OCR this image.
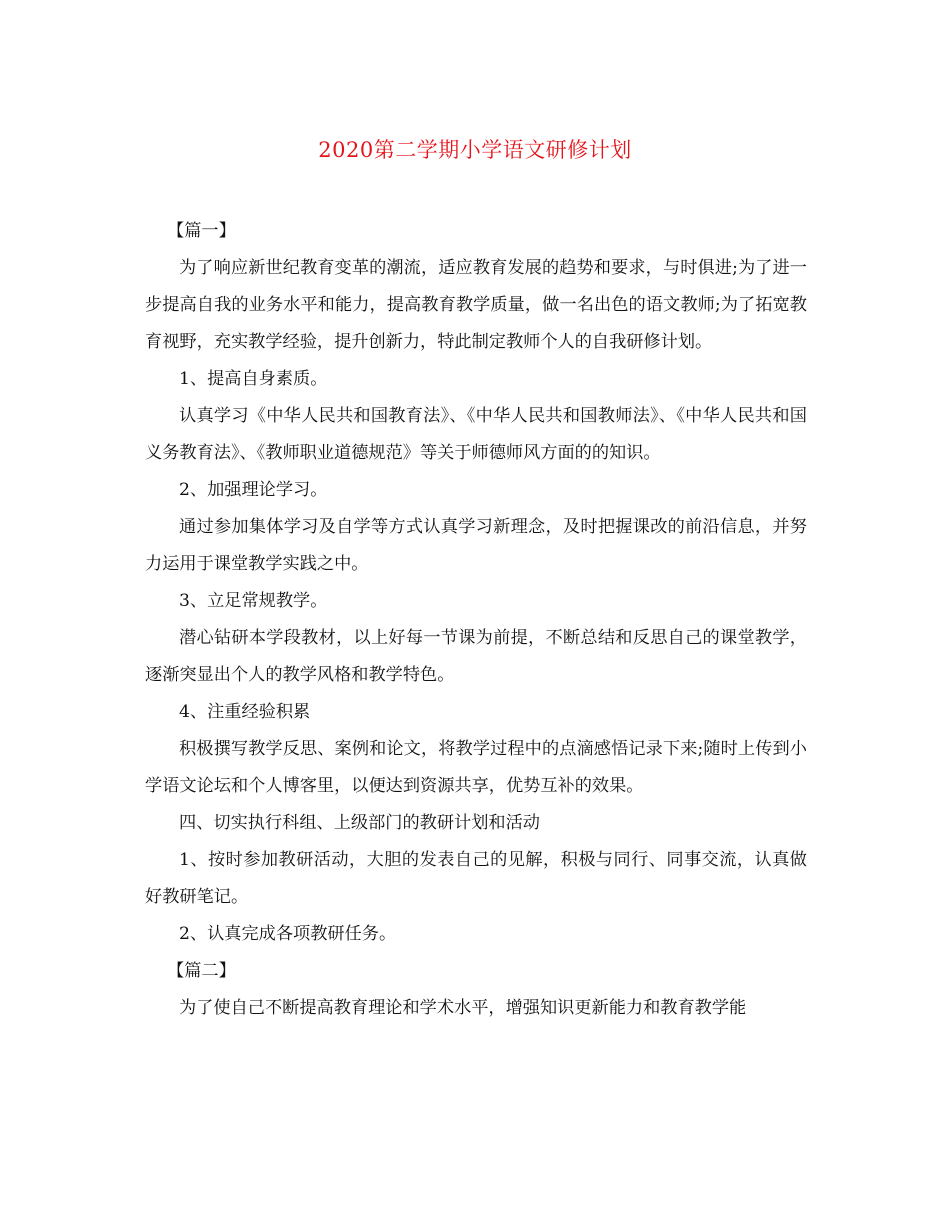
2020第二学期小学语文研修计划

【篇一】

为了响应新世纪教育变革的潮流，适应教育发展的趋势和要求，与时俱进;为了进一步提高自我的业务水平和能力，提高教育教学质量，做一名出色的语文教师;为了拓宽教育视野，充实教学经验，提升创新力，特此制定教师个人的自我研修计划。

1、提高自身素质。

认真学习《中华人民共和国教育法》、《中华人民共和国教师法》、《中华人民共和国义务教育法》、《教师职业道德规范》等关于师德师风方面的的知识。

2、加强理论学习。

通过参加集体学习及自学等方式认真学习新理念，及时把握课改的前沿信息，并努力运用于课堂教学实践之中。

3、立足常规教学。

潜心钻研本学段教材，以上好每一节课为前提，不断总结和反思自己的课堂教学，逐渐突显出个人的教学风格和教学特色。

4、注重经验积累

积极撰写教学反思、案例和论文，将教学过程中的点滴感悟记录下来;随时上传到小学语文论坛和个人博客里，以便达到资源共享，优势互补的效果。

四、切实执行科组、上级部门的教研计划和活动

1、按时参加教研活动，大胆的发表自己的见解，积极与同行、同事交流，认真做好教研笔记。

2、认真完成各项教研任务。

【篇二】

为了使自己不断提高教育理论和学术水平，增强知识更新能力和教育教学能
